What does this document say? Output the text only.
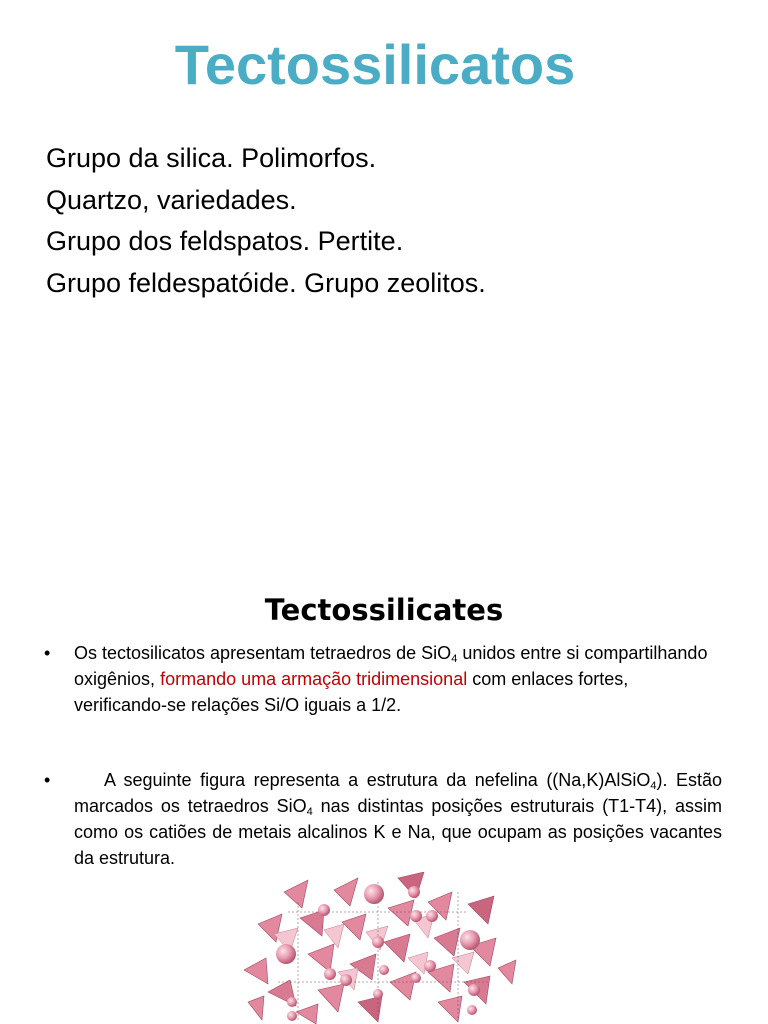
Tectossilicatos
Grupo da silica. Polimorfos.
Quartzo, variedades.
Grupo dos feldspatos. Pertite.
Grupo feldespatóide. Grupo zeolitos.
Tectossilicates
•	Os tectosilicatos apresentam tetraedros de SiO$_4$ unidos entre si compartilhando oxigênios, formando uma armação tridimensional com enlaces fortes, verificando-se relações Si/O iguais a 1/2.
•	A seguinte figura representa a estrutura da nefelina ((Na,K)AlSiO$_4$). Estão marcados os tetraedros SiO$_4$ nas distintas posições estruturais (T1-T4), assim como os catiões de metais alcalinos K e Na, que ocupam as posições vacantes da estrutura.
